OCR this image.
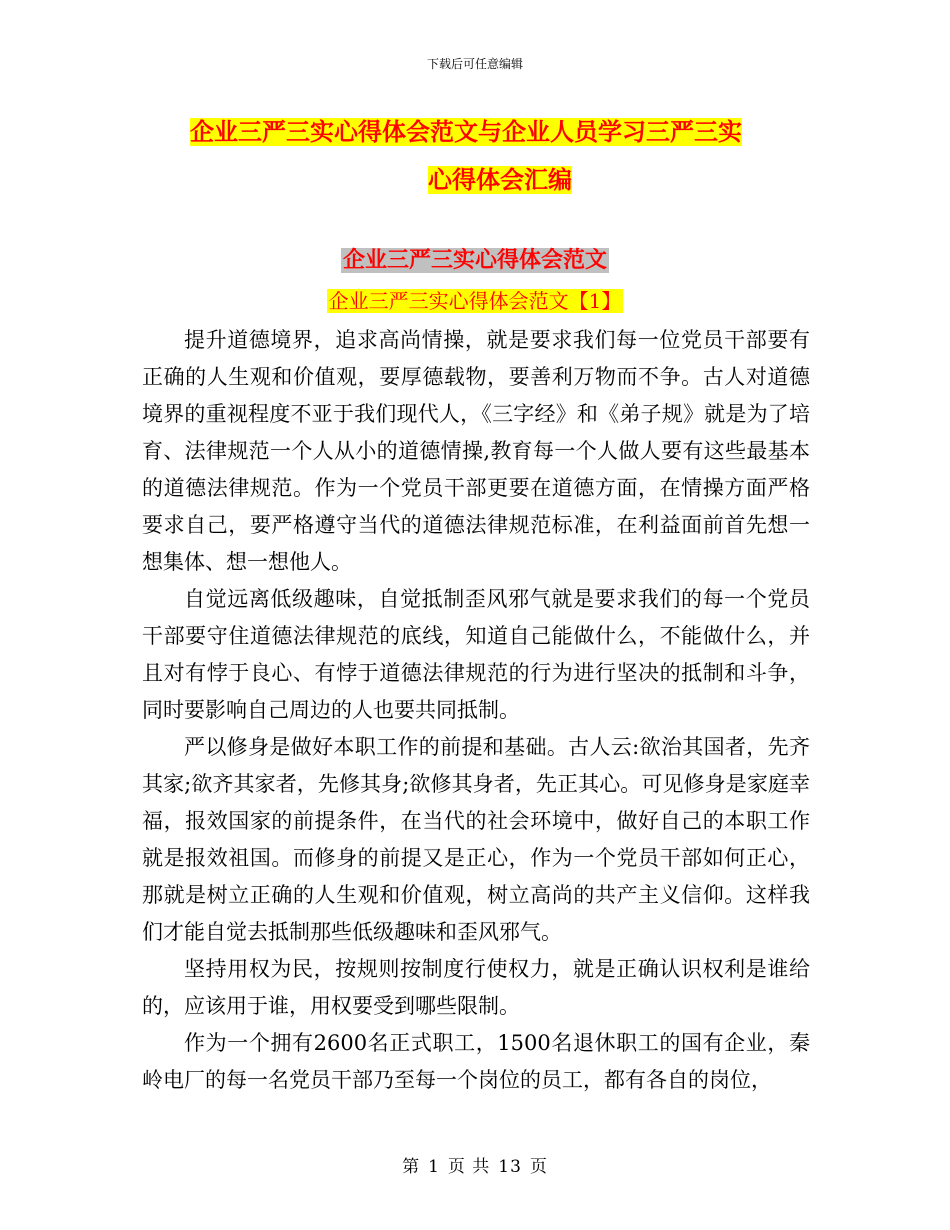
下载后可任意编辑
企业三严三实心得体会范文与企业人员学习三严三实
心得体会汇编
企业三严三实心得体会范文
企业三严三实心得体会范文【1】

提升道德境界，追求高尚情操，就是要求我们每一位党员干部要有正确的人生观和价值观，要厚德载物，要善利万物而不争。古人对道德境界的重视程度不亚于我们现代人，《三字经》和《弟子规》就是为了培育、法律规范一个人从小的道德情操,教育每一个人做人要有这些最基本的道德法律规范。作为一个党员干部更要在道德方面，在情操方面严格要求自己，要严格遵守当代的道德法律规范标准，在利益面前首先想一想集体、想一想他人。

自觉远离低级趣味，自觉抵制歪风邪气就是要求我们的每一个党员干部要守住道德法律规范的底线，知道自己能做什么，不能做什么，并且对有悖于良心、有悖于道德法律规范的行为进行坚决的抵制和斗争，同时要影响自己周边的人也要共同抵制。

严以修身是做好本职工作的前提和基础。古人云:欲治其国者，先齐其家;欲齐其家者，先修其身;欲修其身者，先正其心。可见修身是家庭幸福，报效国家的前提条件，在当代的社会环境中，做好自己的本职工作就是报效祖国。而修身的前提又是正心，作为一个党员干部如何正心，那就是树立正确的人生观和价值观，树立高尚的共产主义信仰。这样我们才能自觉去抵制那些低级趣味和歪风邪气。

坚持用权为民，按规则按制度行使权力，就是正确认识权利是谁给的，应该用于谁，用权要受到哪些限制。

作为一个拥有2600名正式职工，1500名退休职工的国有企业，秦岭电厂的每一名党员干部乃至每一个岗位的员工，都有各自的岗位，

第 1 页 共 13 页
